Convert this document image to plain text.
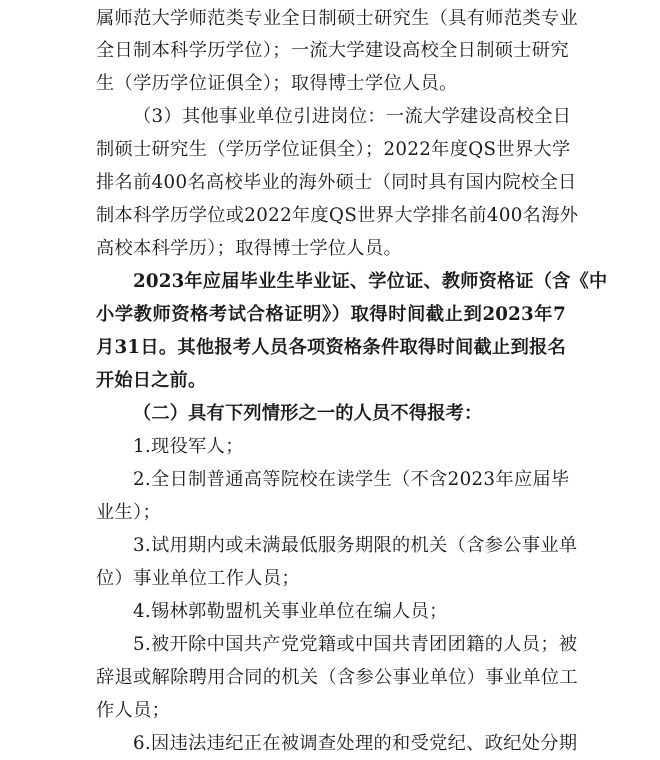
属师范大学师范类专业全日制硕士研究生（具有师范类专业
全日制本科学历学位）；一流大学建设高校全日制硕士研究
生（学历学位证俱全）；取得博士学位人员。
（3）其他事业单位引进岗位：一流大学建设高校全日
制硕士研究生（学历学位证俱全）；2022年度QS世界大学
排名前400名高校毕业的海外硕士（同时具有国内院校全日
制本科学历学位或2022年度QS世界大学排名前400名海外
高校本科学历）；取得博士学位人员。
2023年应届毕业生毕业证、学位证、教师资格证（含《中
小学教师资格考试合格证明》）取得时间截止到2023年7
月31日。其他报考人员各项资格条件取得时间截止到报名
开始日之前。
（二）具有下列情形之一的人员不得报考：
1.现役军人；
2.全日制普通高等院校在读学生（不含2023年应届毕
业生）；
3.试用期内或未满最低服务期限的机关（含参公事业单
位）事业单位工作人员；
4.锡林郭勒盟机关事业单位在编人员；
5.被开除中国共产党党籍或中国共青团团籍的人员；被
辞退或解除聘用合同的机关（含参公事业单位）事业单位工
作人员；
6.因违法违纪正在被调查处理的和受党纪、政纪处分期
